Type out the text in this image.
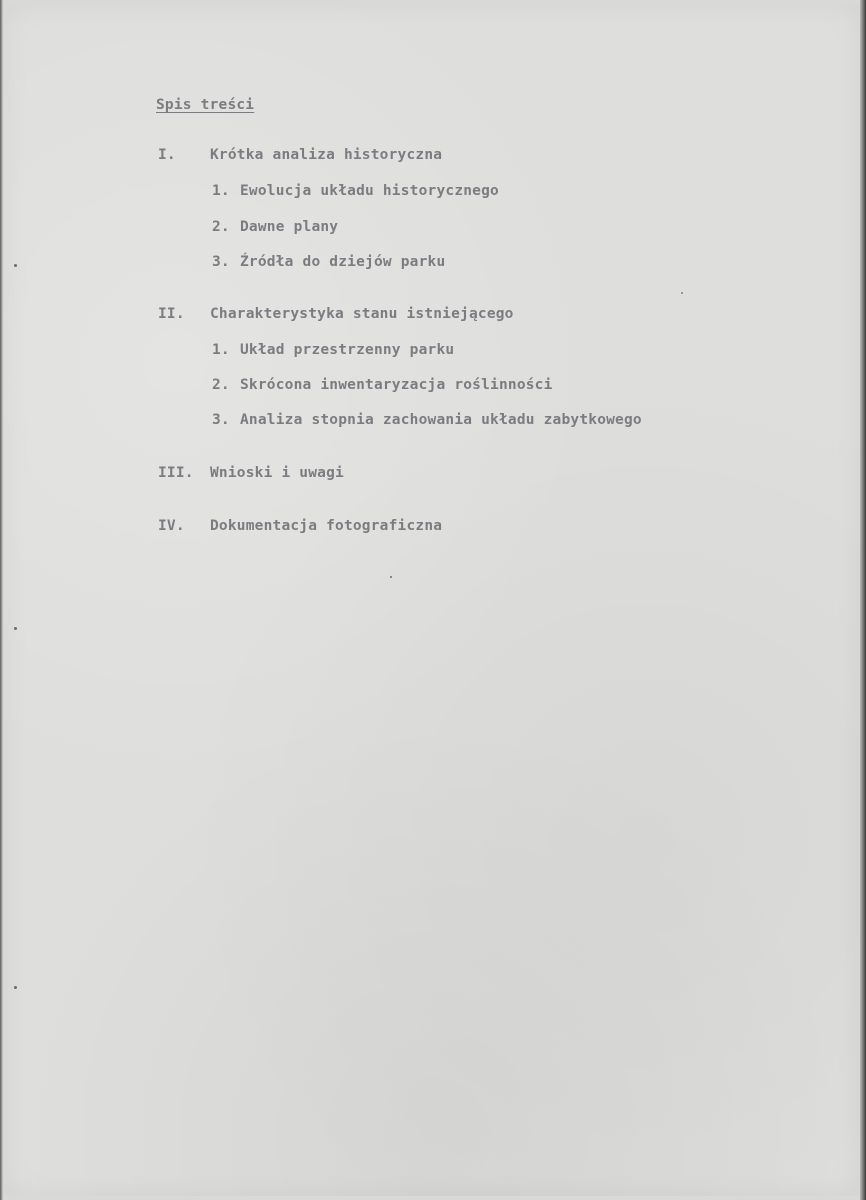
Spis treści
I. Krótka analiza historyczna
1. Ewolucja układu historycznego
2. Dawne plany
3. Źródła do dziejów parku
II. Charakterystyka stanu istniejącego
1. Układ przestrzenny parku
2. Skrócona inwentaryzacja roślinności
3. Analiza stopnia zachowania układu zabytkowego
III. Wnioski i uwagi
IV. Dokumentacja fotograficzna
